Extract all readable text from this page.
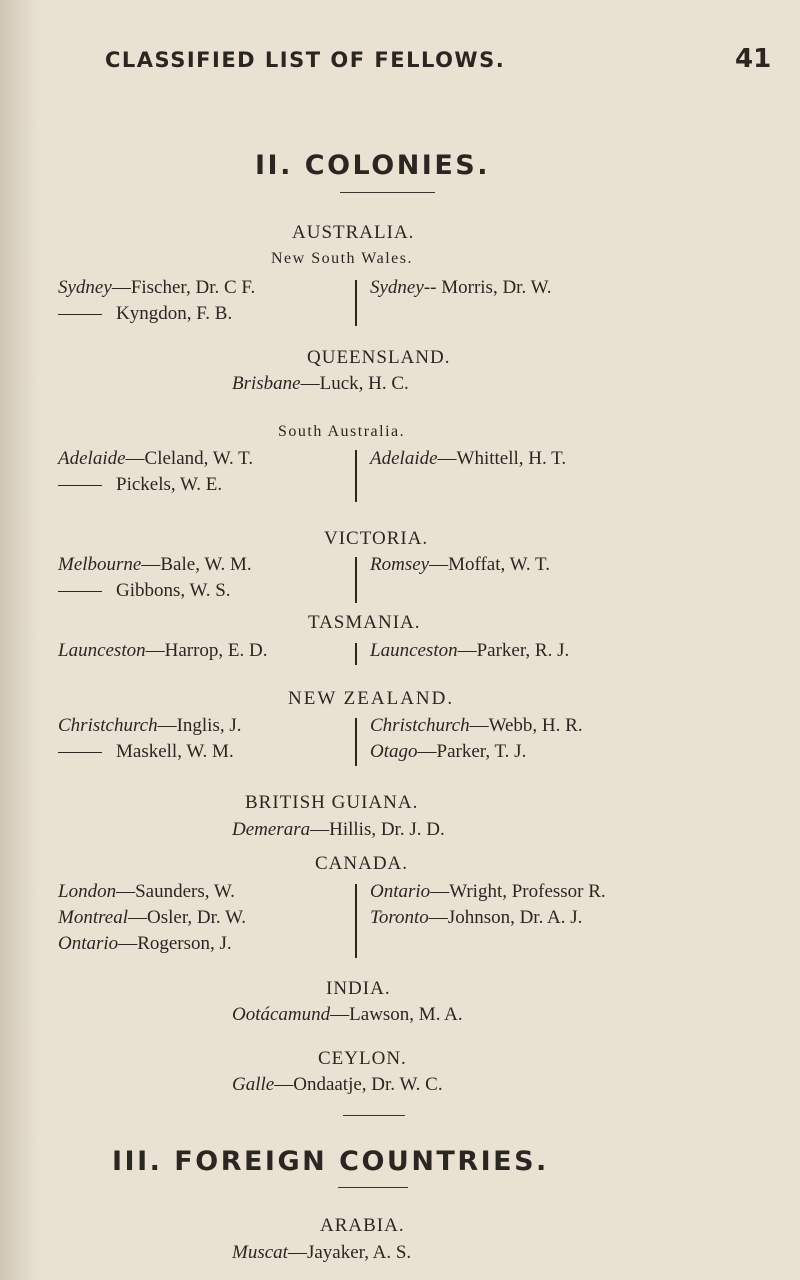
CLASSIFIED LIST OF FELLOWS.	41
II. COLONIES.
AUSTRALIA.
New South Wales.
Sydney—Fischer, Dr. C F.
Kyngdon, F. B.
Sydney-- Morris, Dr. W.
QUEENSLAND.
Brisbane—Luck, H. C.
South Australia.
Adelaide—Cleland, W. T.
Pickels, W. E.
Adelaide—Whittell, H. T.
VICTORIA.
Melbourne—Bale, W. M.
Gibbons, W. S.
Romsey—Moffat, W. T.
TASMANIA.
Launceston—Harrop, E. D.	Launceston—Parker, R. J.
NEW ZEALAND.
Christchurch—Inglis, J.
Maskell, W. M.
Christchurch—Webb, H. R.
Otago—Parker, T. J.
BRITISH GUIANA.
Demerara—Hillis, Dr. J. D.
CANADA.
London—Saunders, W.
Montreal—Osler, Dr. W.
Ontario—Rogerson, J.
Ontario—Wright, Professor R.
Toronto—Johnson, Dr. A. J.
INDIA.
Ootácamund—Lawson, M. A.
CEYLON.
Galle—Ondaatje, Dr. W. C.
III. FOREIGN COUNTRIES.
ARABIA.
Muscat—Jayaker, A. S.
